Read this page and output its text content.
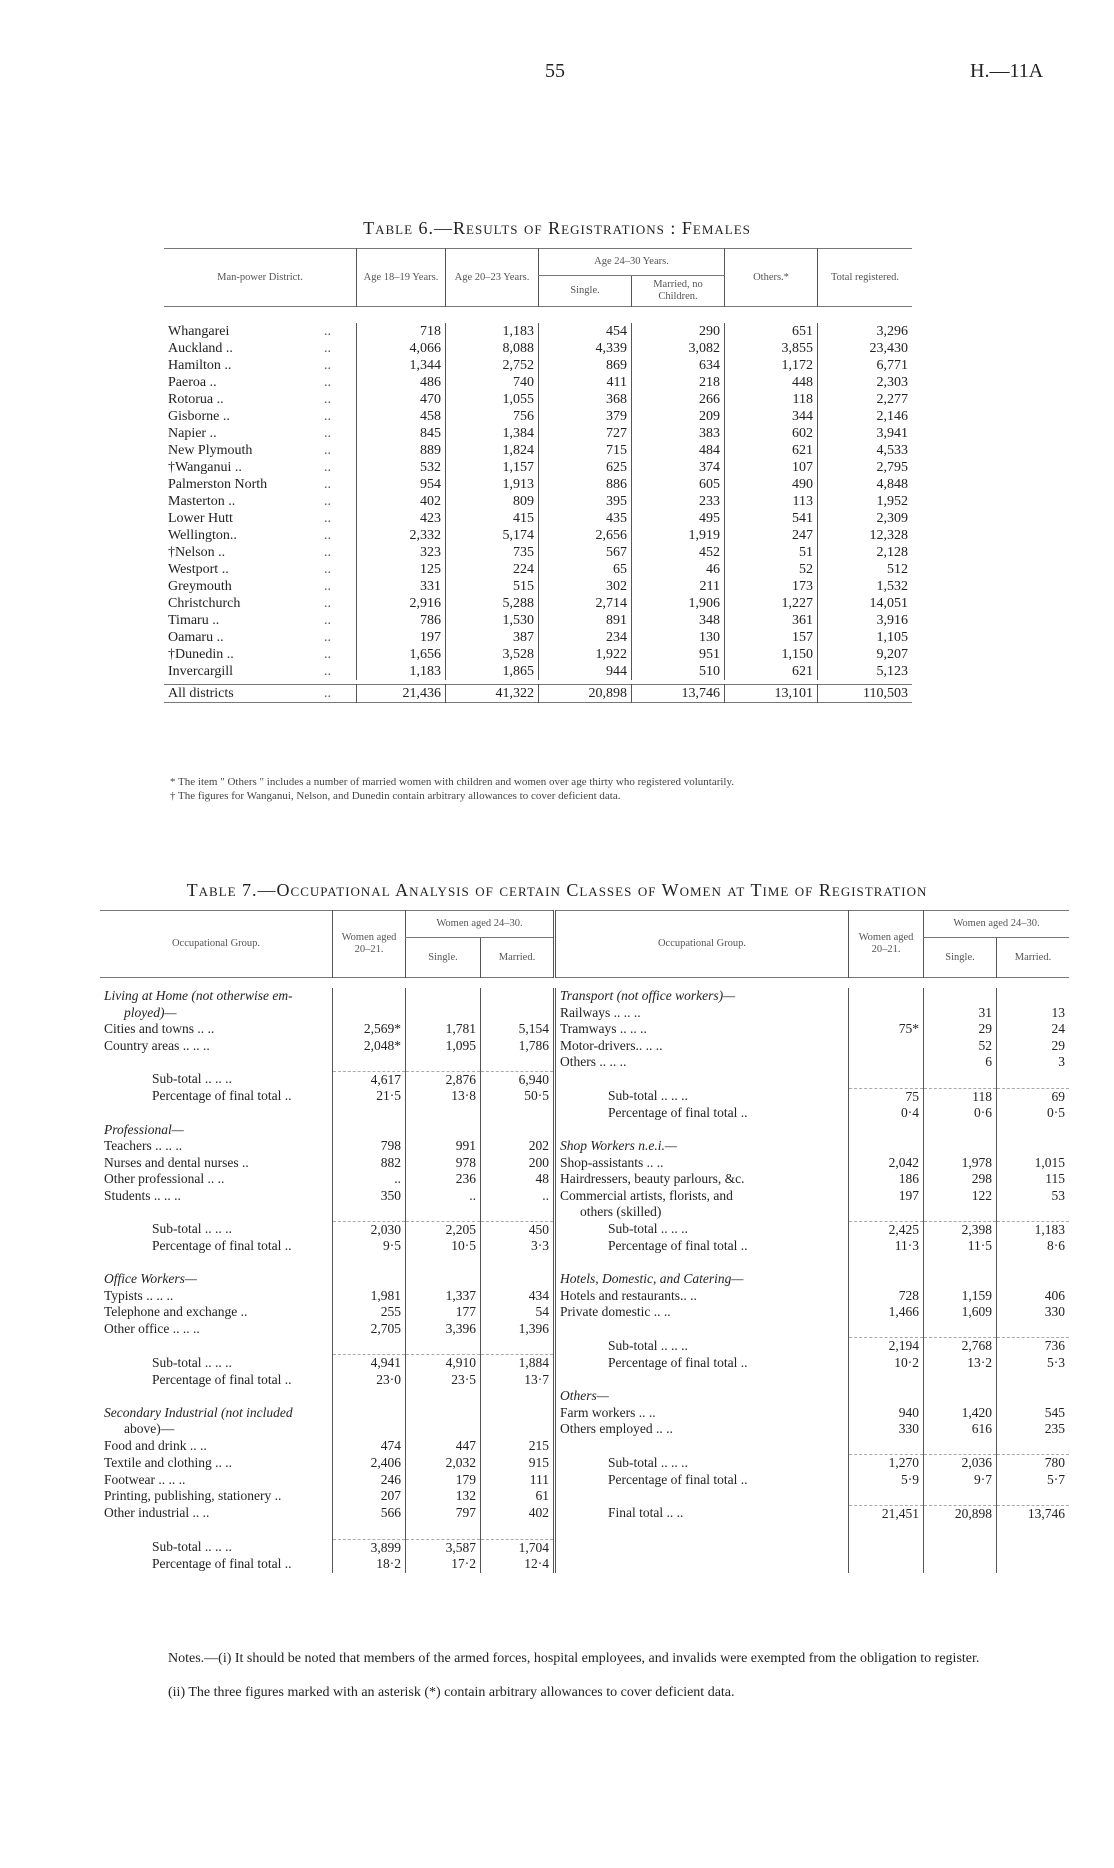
55	H.—11A
Table 6.—Results of Registrations : Females
Man-power District.		Age 18–19 Years.	Age 20–23 Years.	Age 24–30 Years.		Others.*	Total registered.
				Single.	Married, no Children.		

Whangarei	..	718	1,183	454	290	651	3,296
Auckland ..	..	4,066	8,088	4,339	3,082	3,855	23,430
Hamilton ..	..	1,344	2,752	869	634	1,172	6,771
Paeroa ..	..	486	740	411	218	448	2,303
Rotorua ..	..	470	1,055	368	266	118	2,277
Gisborne ..	..	458	756	379	209	344	2,146
Napier ..	..	845	1,384	727	383	602	3,941
New Plymouth	..	889	1,824	715	484	621	4,533
†Wanganui ..	..	532	1,157	625	374	107	2,795
Palmerston North	..	954	1,913	886	605	490	4,848
Masterton ..	..	402	809	395	233	113	1,952
Lower Hutt	..	423	415	435	495	541	2,309
Wellington..	..	2,332	5,174	2,656	1,919	247	12,328
†Nelson ..	..	323	735	567	452	51	2,128
Westport ..	..	125	224	65	46	52	512
Greymouth	..	331	515	302	211	173	1,532
Christchurch	..	2,916	5,288	2,714	1,906	1,227	14,051
Timaru ..	..	786	1,530	891	348	361	3,916
Oamaru ..	..	197	387	234	130	157	1,105
†Dunedin ..	..	1,656	3,528	1,922	951	1,150	9,207
Invercargill	..	1,183	1,865	944	510	621	5,123

All districts	..	21,436	41,322	20,898	13,746	13,101	110,503
* The item " Others " includes a number of married women with children and women over age thirty who registered voluntarily.
† The figures for Wanganui, Nelson, and Dunedin contain arbitrary allowances to cover deficient data.
Table 7.—Occupational Analysis of certain Classes of Women at Time of Registration
Occupational Group.	Women aged 20–21.	Women aged 24–30.		Occupational Group.	Women aged 20–21.	Women aged 24–30.	
		Single.	Married.			Single.	Married.

Living at Home (not otherwise em-				Transport (not office workers)—			
ployed)—				Railways .. .. ..		31	13
Cities and towns .. ..	2,569*	1,781	5,154	Tramways .. .. ..	75*	29	24
Country areas .. .. ..	2,048*	1,095	1,786	Motor-drivers.. .. ..		52	29
				Others .. .. ..		6	3
Sub-total .. .. ..	4,617	2,876	6,940				
Percentage of final total ..	21·5	13·8	50·5	Sub-total .. .. ..	75	118	69
				Percentage of final total ..	0·4	0·6	0·5
Professional—							
Teachers .. .. ..	798	991	202	Shop Workers n.e.i.—			
Nurses and dental nurses ..	882	978	200	Shop-assistants .. ..	2,042	1,978	1,015
Other professional .. ..	..	236	48	Hairdressers, beauty parlours, &c.	186	298	115
Students .. .. ..	350	..	..	Commercial artists, florists, and	197	122	53
				others (skilled)			
Sub-total .. .. ..	2,030	2,205	450	Sub-total .. .. ..	2,425	2,398	1,183
Percentage of final total ..	9·5	10·5	3·3	Percentage of final total ..	11·3	11·5	8·6

Office Workers—				Hotels, Domestic, and Catering—			
Typists .. .. ..	1,981	1,337	434	Hotels and restaurants.. ..	728	1,159	406
Telephone and exchange ..	255	177	54	Private domestic .. ..	1,466	1,609	330
Other office .. .. ..	2,705	3,396	1,396				
				Sub-total .. .. ..	2,194	2,768	736
Sub-total .. .. ..	4,941	4,910	1,884	Percentage of final total ..	10·2	13·2	5·3
Percentage of final total ..	23·0	23·5	13·7				
				Others—			
Secondary Industrial (not included				Farm workers .. ..	940	1,420	545
above)—				Others employed .. ..	330	616	235
Food and drink .. ..	474	447	215				
Textile and clothing .. ..	2,406	2,032	915	Sub-total .. .. ..	1,270	2,036	780
Footwear .. .. ..	246	179	111	Percentage of final total ..	5·9	9·7	5·7
Printing, publishing, stationery ..	207	132	61				
Other industrial .. ..	566	797	402	Final total .. ..	21,451	20,898	13,746

Sub-total .. .. ..	3,899	3,587	1,704				
Percentage of final total ..	18·2	17·2	12·4				
Notes.—(i) It should be noted that members of the armed forces, hospital employees, and invalids were exempted from the obligation to register.
(ii) The three figures marked with an asterisk (*) contain arbitrary allowances to cover deficient data.
